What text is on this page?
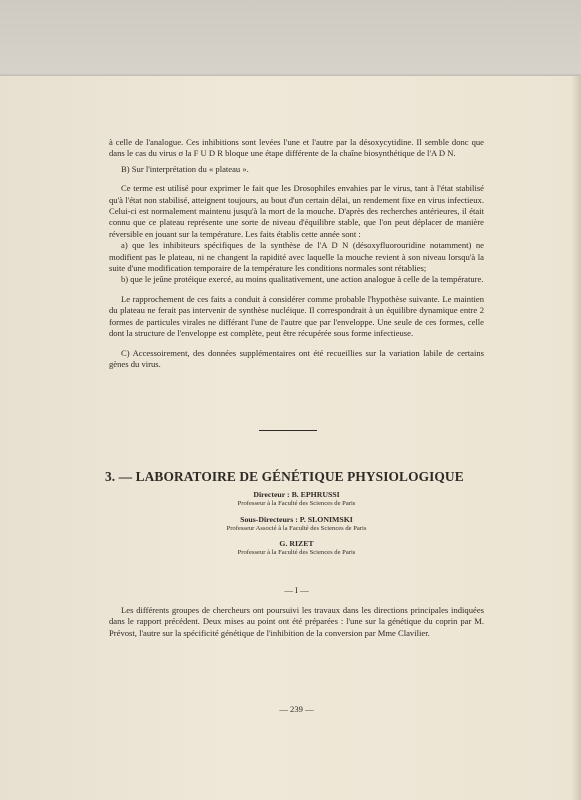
à celle de l'analogue. Ces inhibitions sont levées l'une et l'autre par la désoxycytidine. Il semble donc que dans le cas du virus σ la F U D R bloque une étape différente de la chaîne biosynthétique de l'A D N.

B) Sur l'interprétation du « plateau ».

Ce terme est utilisé pour exprimer le fait que les Drosophiles envahies par le virus, tant à l'état stabilisé qu'à l'état non stabilisé, atteignent toujours, au bout d'un certain délai, un rendement fixe en virus infectieux. Celui-ci est normalement maintenu jusqu'à la mort de la mouche. D'après des recherches antérieures, il était connu que ce plateau représente une sorte de niveau d'équilibre stable, que l'on peut déplacer de manière réversible en jouant sur la température. Les faits établis cette année sont :

a) que les inhibiteurs spécifiques de la synthèse de l'A D N (désoxyfluorouridine notamment) ne modifient pas le plateau, ni ne changent la rapidité avec laquelle la mouche revient à son niveau lorsqu'à la suite d'une modification temporaire de la température les conditions normales sont rétablies;

b) que le jeûne protéique exercé, au moins qualitativement, une action analogue à celle de la température.

Le rapprochement de ces faits a conduit à considérer comme probable l'hypothèse suivante. Le maintien du plateau ne ferait pas intervenir de synthèse nucléique. Il correspondrait à un équilibre dynamique entre 2 formes de particules virales ne différant l'une de l'autre que par l'enveloppe. Une seule de ces formes, celle dont la structure de l'enveloppe est complète, peut être récupérée sous forme infectieuse.

C) Accessoirement, des données supplémentaires ont été recueillies sur la variation labile de certains gènes du virus.

3. — LABORATOIRE DE GÉNÉTIQUE PHYSIOLOGIQUE
Directeur : B. EPHRUSSI
Professeur à la Faculté des Sciences de Paris
Sous-Directeurs : P. SLONIMSKI
Professeur Associé à la Faculté des Sciences de Paris
G. RIZET
Professeur à la Faculté des Sciences de Paris
— I —

Les différents groupes de chercheurs ont poursuivi les travaux dans les directions principales indiquées dans le rapport précédent. Deux mises au point ont été préparées : l'une sur la génétique du coprin par M. Prévost, l'autre sur la spécificité génétique de l'inhibition de la conversion par Mme Clavilier.

— 239 —
